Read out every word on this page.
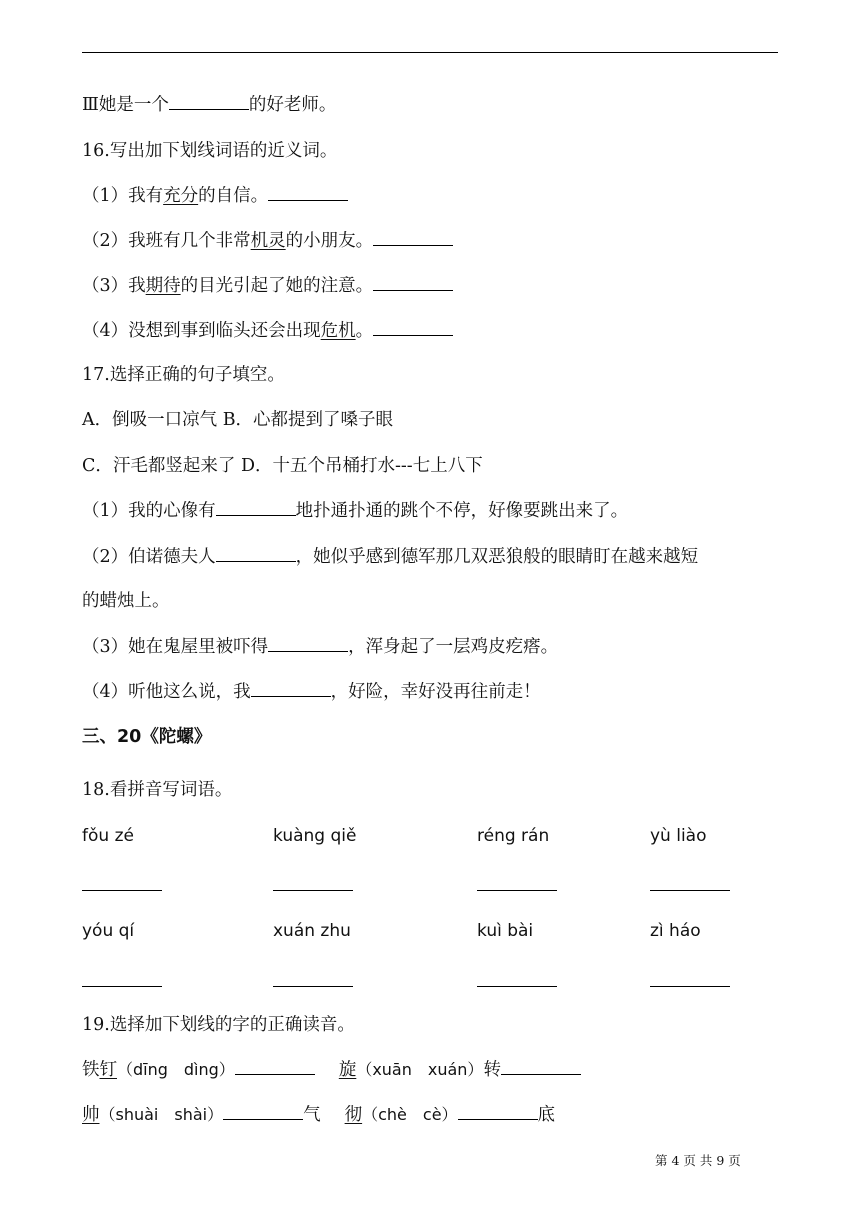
Ⅲ她是一个	的好老师。
16.写出加下划线词语的近义词。
（1）我有充分的自信。
（2）我班有几个非常机灵的小朋友。
（3）我期待的目光引起了她的注意。
（4）没想到事到临头还会出现危机。
17.选择正确的句子填空。
A．倒吸一口凉气 B．心都提到了嗓子眼
C．汗毛都竖起来了 D．十五个吊桶打水---七上八下
（1）我的心像有	地扑通扑通的跳个不停，好像要跳出来了。
（2）伯诺德夫人	，她似乎感到德军那几双恶狼般的眼睛盯在越来越短
的蜡烛上。
（3）她在鬼屋里被吓得	，浑身起了一层鸡皮疙瘩。
（4）听他这么说，我	，好险，幸好没再往前走！
三、20《陀螺》
18.看拼音写词语。
fǒu zé	kuàng qiě	réng rán	yù liào
yóu qí	xuán zhu	kuì bài	zì háo
19.选择加下划线的字的正确读音。
铁钉（dīng　dìng）	旋（xuān　xuán）转
帅（shuài　shài）	气 彻（chè　cè）	底
第 4 页 共 9 页
